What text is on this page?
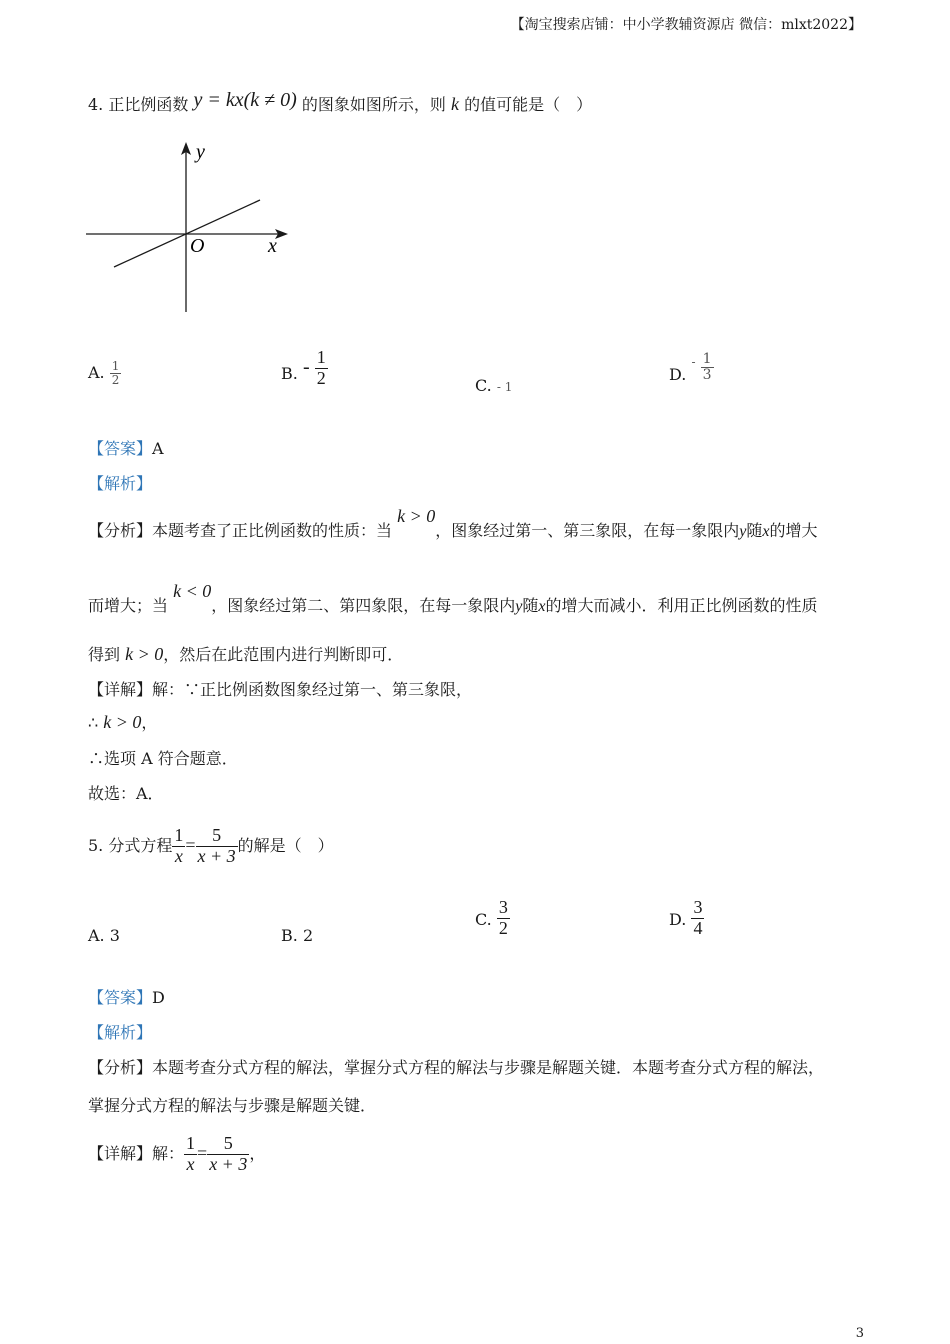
【淘宝搜索店铺：中小学教辅资源店 微信：mlxt2022】
4. 正比例函数 y = kx(k ≠ 0) 的图象如图所示，则 k 的值可能是（　）
y
x
O
A. $\frac{1}{2}$	B. - $\frac{1}{2}$	C. - 1
D. $^- \frac{1}{3}$
【答案】A
【解析】
【分析】本题考查了正比例函数的性质：当 k > 0，图象经过第一、第三象限，在每一象限内y随x的增大
而增大；当 k < 0，图象经过第二、第四象限，在每一象限内y随x的增大而减小．利用正比例函数的性质
得到 k > 0，然后在此范围内进行判断即可．
【详解】解：∵正比例函数图象经过第一、第三象限，
∴ k > 0，
∴选项 A 符合题意．
故选：A．
5. 分式方程 $\frac{1}{x} = \frac{5}{x + 3}$ 的解是（　）
A. 3	B. 2
C. $\frac{3}{2}$	D. $\frac{3}{4}$
【答案】D
【解析】
【分析】本题考查分式方程的解法，掌握分式方程的解法与步骤是解题关键．本题考查分式方程的解法，
掌握分式方程的解法与步骤是解题关键．
【详解】解： $\frac{1}{x} = \frac{5}{x + 3}$ ，
3
